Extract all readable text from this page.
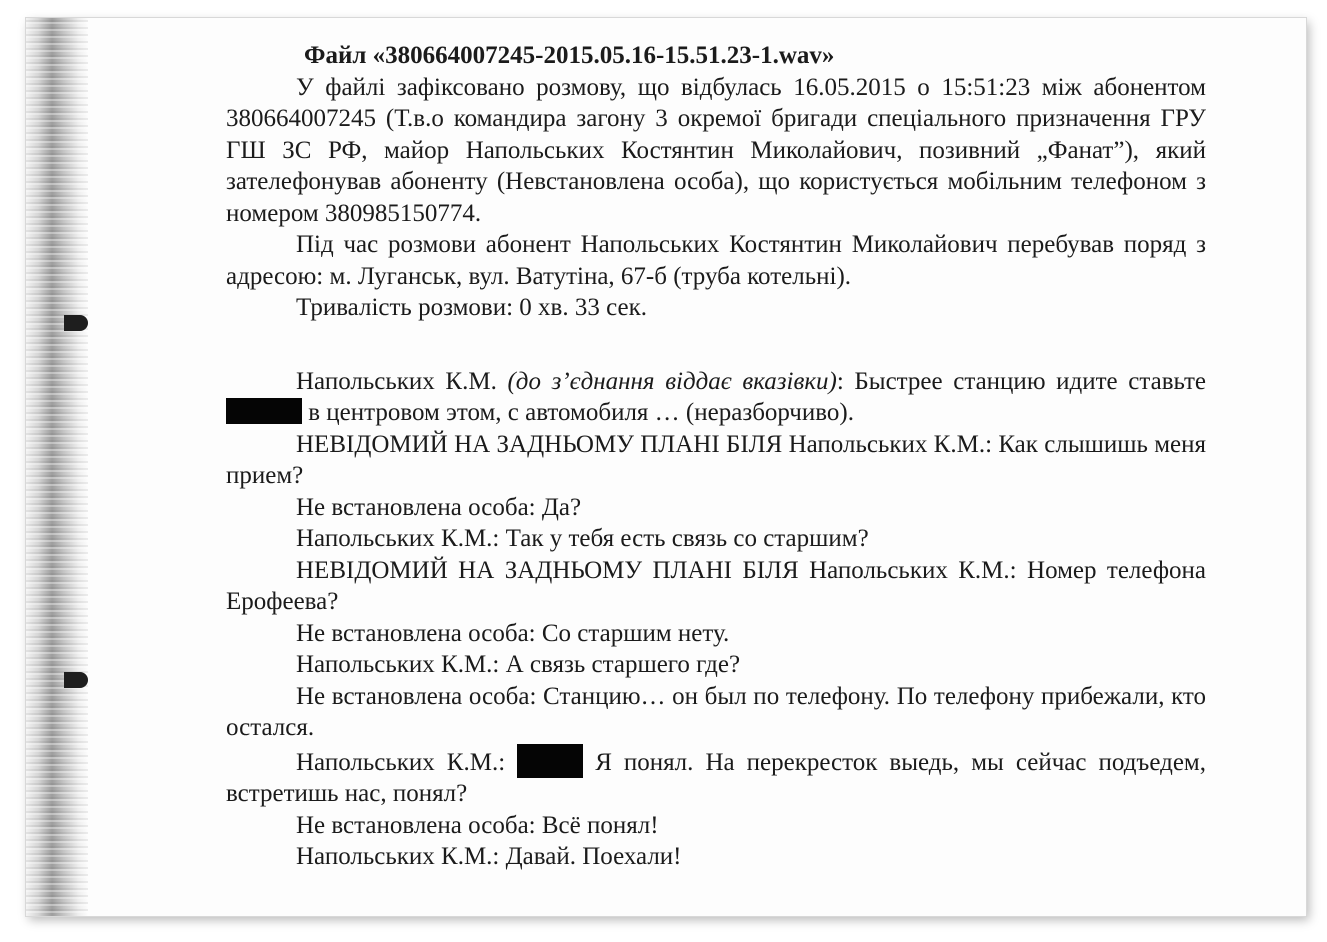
Файл «380664007245-2015.05.16-15.51.23-1.wav»

У файлі зафіксовано розмову, що відбулась 16.05.2015 о 15:51:23 між абонентом 380664007245 (Т.в.о командира загону 3 окремої бригади спеціального призначення ГРУ ГШ ЗС РФ, майор Напольських Костянтин Миколайович, позивний „Фанат”), який зателефонував абоненту (Невстановлена особа), що користується мобільним телефоном з номером 380985150774.

Під час розмови абонент Напольських Костянтин Миколайович перебував поряд з адресою: м. Луганськ, вул. Ватутіна, 67-б (труба котельні).

Тривалість розмови: 0 хв. 33 сек.

Напольських К.М. (до з’єднання віддає вказівки): Быстрее станцию идите ставьте  в центровом этом, с автомобиля … (неразборчиво).

НЕВІДОМИЙ НА ЗАДНЬОМУ ПЛАНІ БІЛЯ Напольських К.М.: Как слышишь меня прием?

Не встановлена особа: Да?

Напольських К.М.: Так у тебя есть связь со старшим?

НЕВІДОМИЙ НА ЗАДНЬОМУ ПЛАНІ БІЛЯ Напольських К.М.: Номер телефона Ерофеева?

Не встановлена особа: Со старшим нету.

Напольських К.М.: А связь старшего где?

Не встановлена особа: Станцию… он был по телефону. По телефону прибежали, кто остался.

Напольських К.М.:	Я понял. На перекресток выедь, мы сейчас подъедем, встретишь нас, понял?

Не встановлена особа: Всё понял!

Напольських К.М.: Давай. Поехали!
